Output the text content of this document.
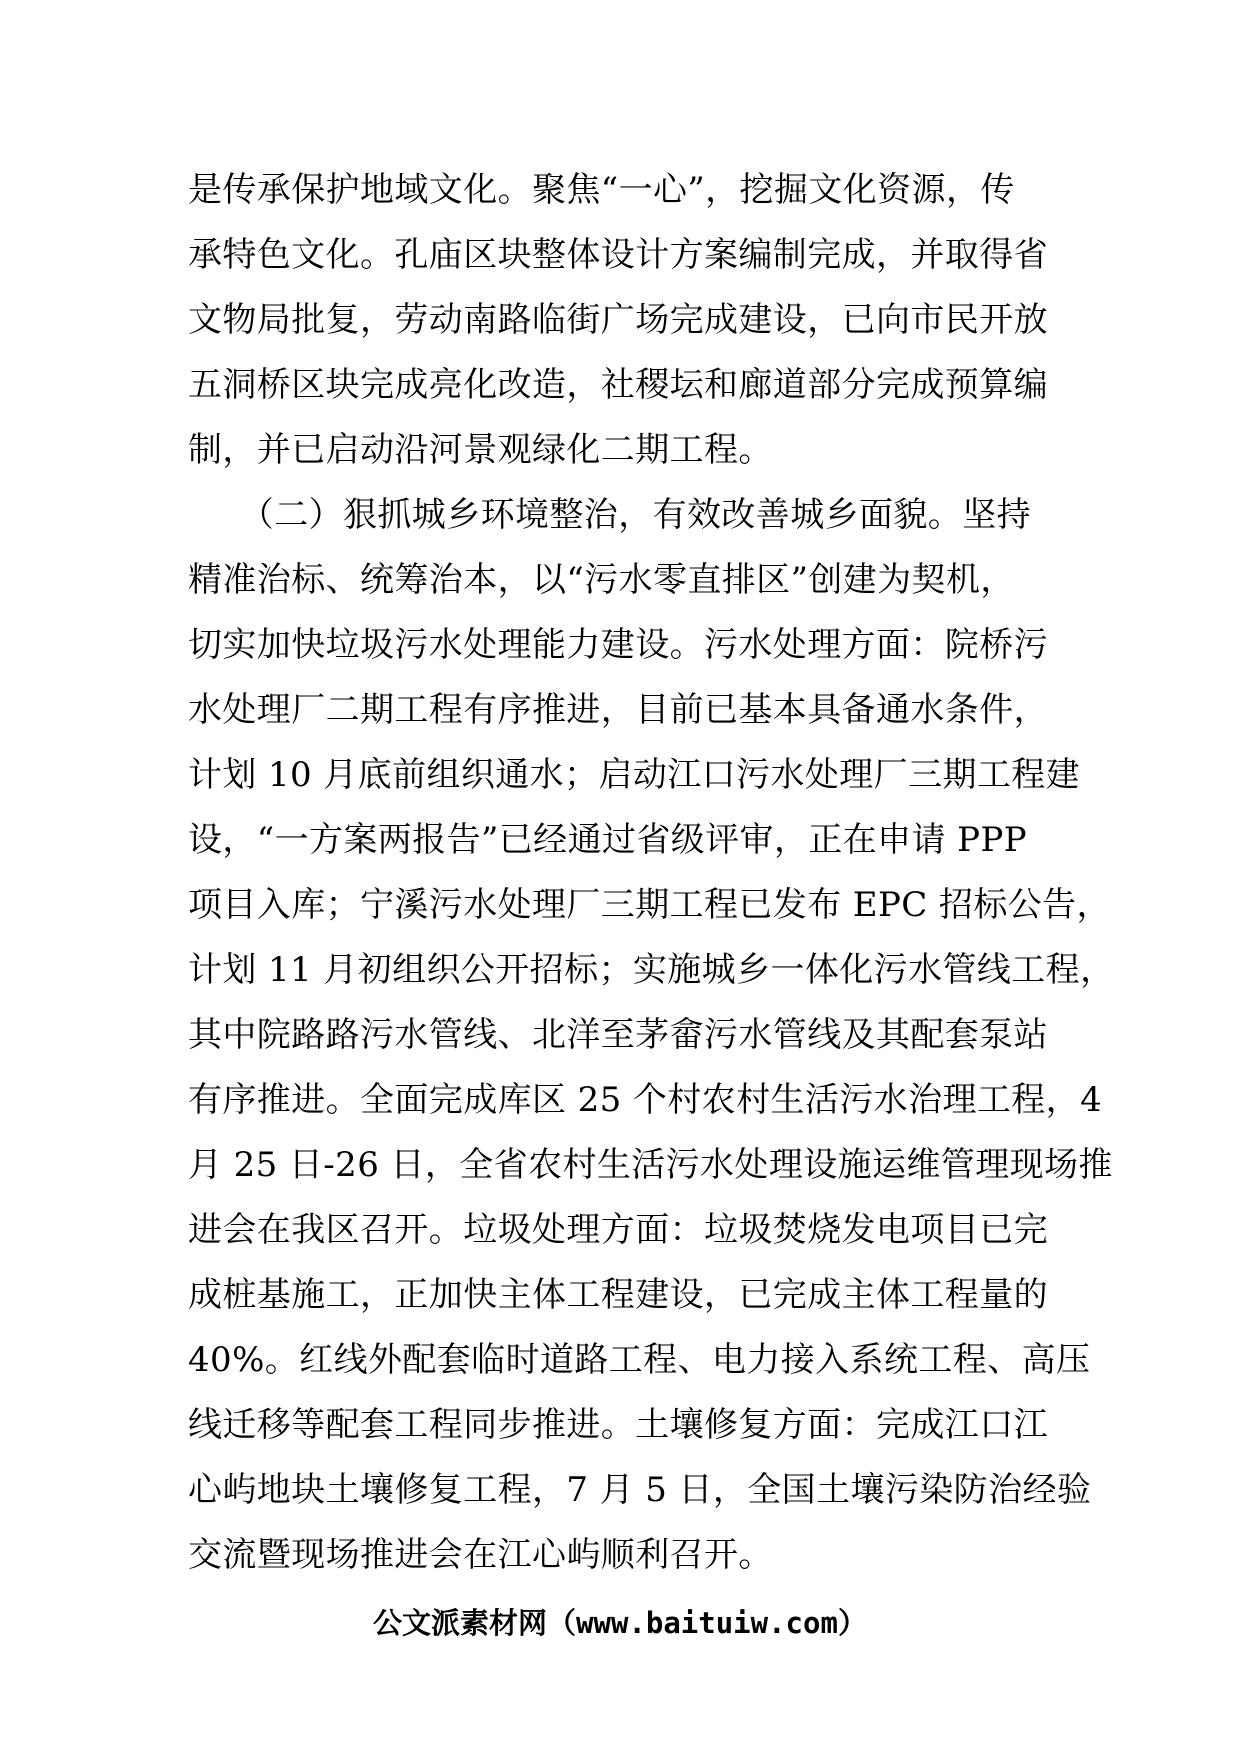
是传承保护地域文化。聚焦“一心”，挖掘文化资源，传
承特色文化。孔庙区块整体设计方案编制完成，并取得省
文物局批复，劳动南路临街广场完成建设，已向市民开放
五洞桥区块完成亮化改造，社稷坛和廊道部分完成预算编
制，并已启动沿河景观绿化二期工程。
　　（二）狠抓城乡环境整治，有效改善城乡面貌。坚持
精准治标、统筹治本，以“污水零直排区”创建为契机，
切实加快垃圾污水处理能力建设。污水处理方面：院桥污
水处理厂二期工程有序推进，目前已基本具备通水条件，
计划 10 月底前组织通水；启动江口污水处理厂三期工程建
设，“一方案两报告”已经通过省级评审，正在申请 PPP
项目入库；宁溪污水处理厂三期工程已发布 EPC 招标公告，
计划 11 月初组织公开招标；实施城乡一体化污水管线工程，
其中院路路污水管线、北洋至茅畲污水管线及其配套泵站
有序推进。全面完成库区 25 个村农村生活污水治理工程，4
月 25 日-26 日，全省农村生活污水处理设施运维管理现场推
进会在我区召开。垃圾处理方面：垃圾焚烧发电项目已完
成桩基施工，正加快主体工程建设，已完成主体工程量的
40%。红线外配套临时道路工程、电力接入系统工程、高压
线迁移等配套工程同步推进。土壤修复方面：完成江口江
心屿地块土壤修复工程，7 月 5 日，全国土壤污染防治经验
交流暨现场推进会在江心屿顺利召开。
公文派素材网（www.baituiw.com）
